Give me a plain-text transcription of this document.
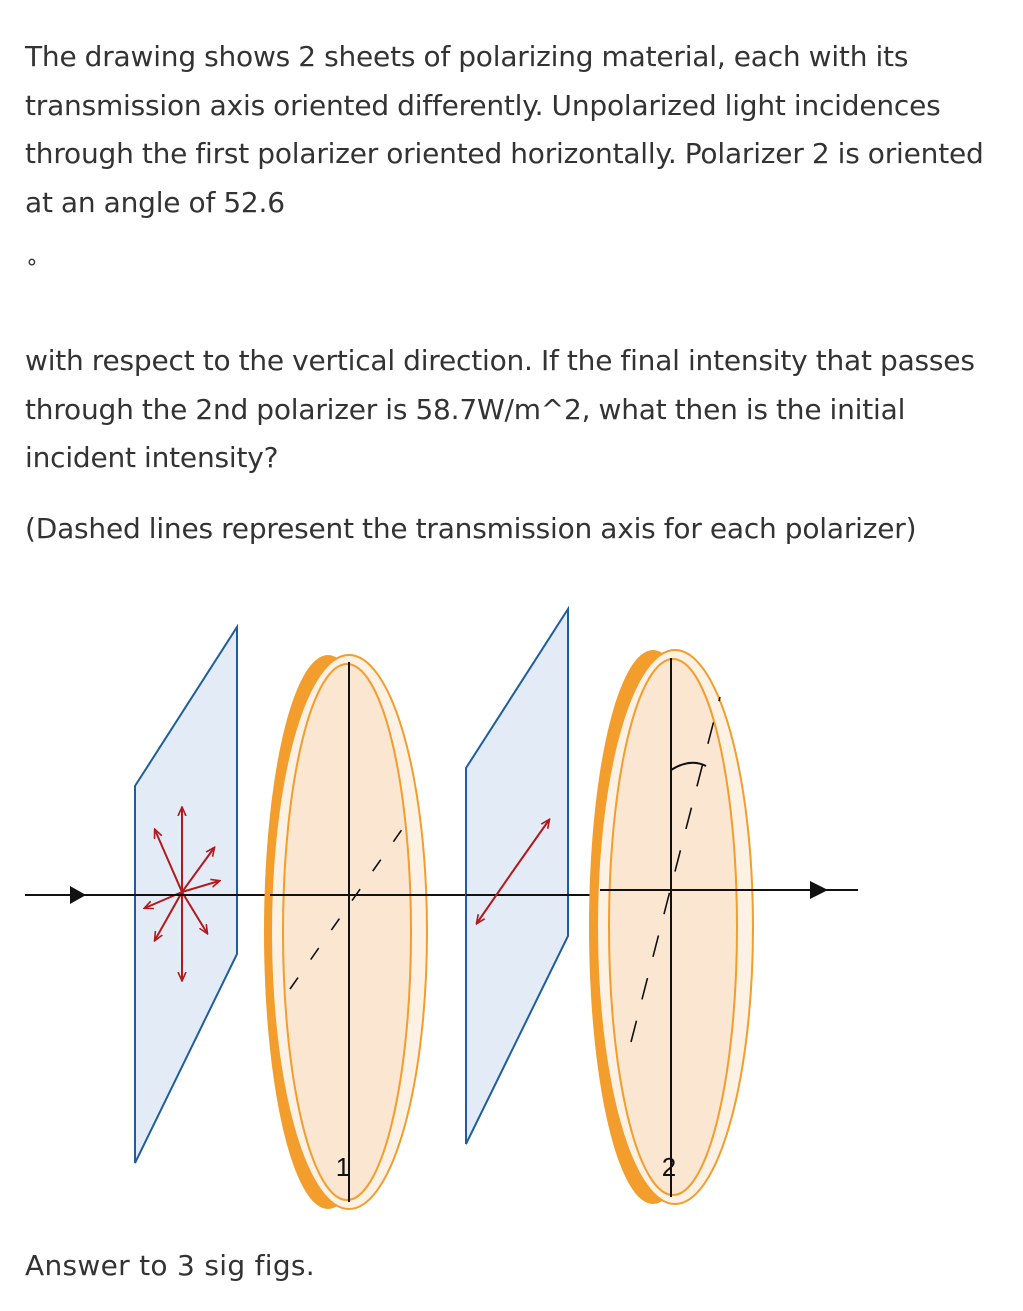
The drawing shows 2 sheets of polarizing material, each with its transmission axis oriented differently. Unpolarized light incidences through the first polarizer oriented horizontally. Polarizer 2 is oriented at an angle of 52.6

∘

with respect to the vertical direction. If the final intensity that passes through the 2nd polarizer is 58.7W/m^2, what then is the initial incident intensity?

(Dashed lines represent the transmission axis for each polarizer)

1	2
Answer to 3 sig figs.
